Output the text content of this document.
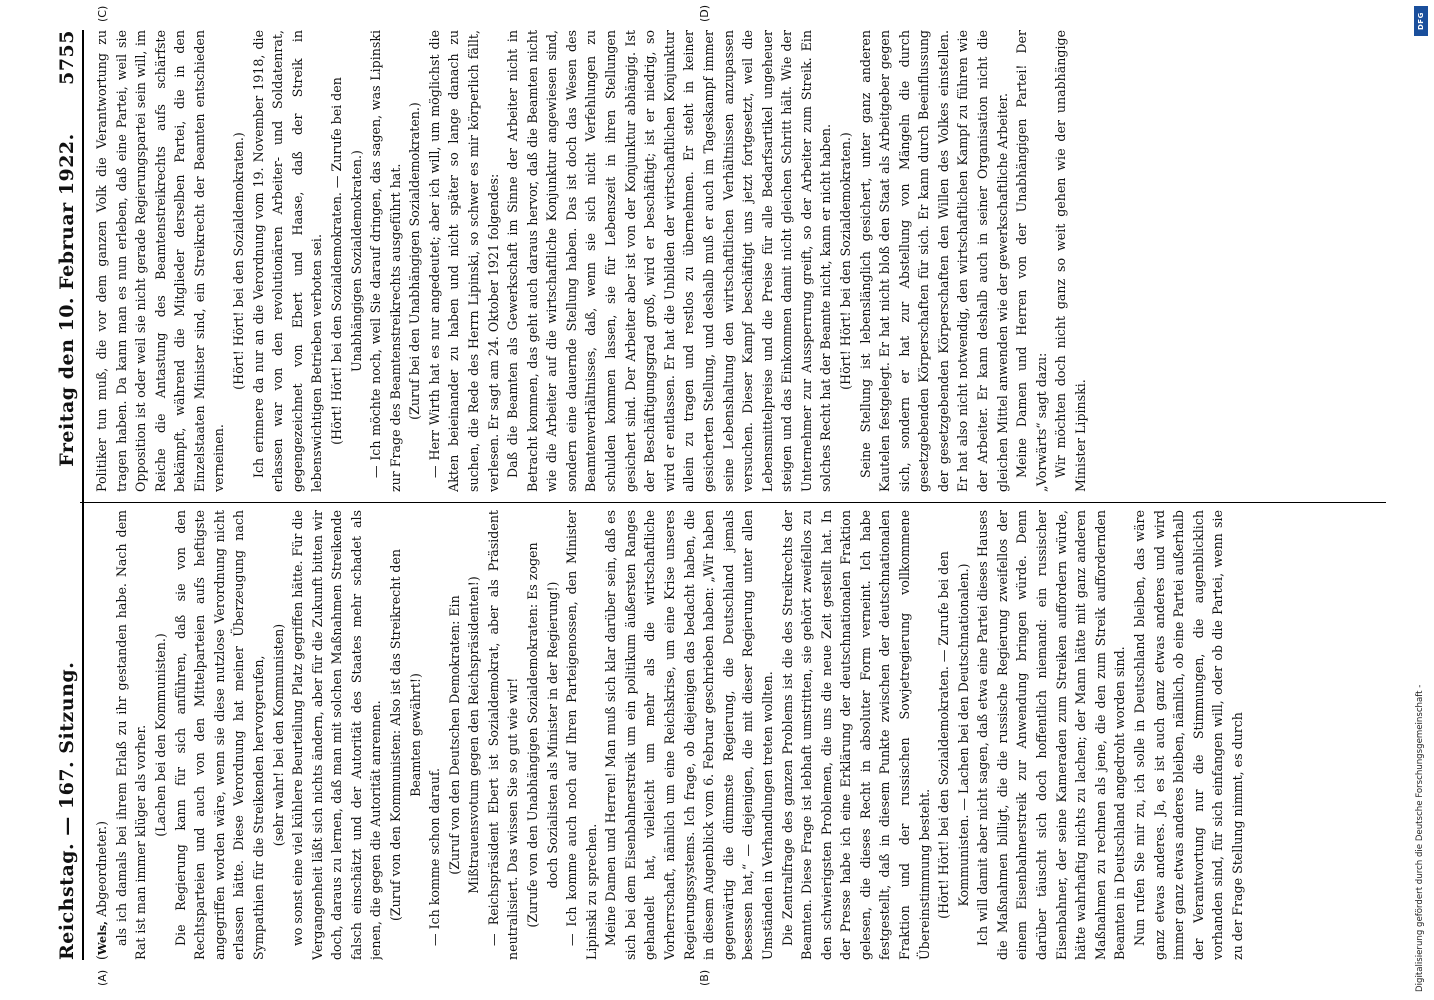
Reichstag. — 167. Sitzung.
Freitag den 10. Februar 1922.
5755
(A)	(B)
(C)	(D)

(Wels, Abgeordneter.) als ich damals bei ihrem Erlaß zu ihr gestanden habe. Nach dem Rat ist man immer klüger als vorher. (Lachen bei den Kommunisten.) Die Regierung kann für sich anführen, daß sie von den Rechtsparteien und auch von den Mittelparteien aufs heftigste angegriffen worden wäre, wenn sie diese nutzlose Verordnung nicht erlassen hätte. Diese Verordnung hat meiner Überzeugung nach Sympathien für die Streikenden hervorgerufen, (sehr wahr! bei den Kommunisten) wo sonst eine viel kühlere Beurteilung Platz gegriffen hätte. Für die Vergangenheit läßt sich nichts ändern, aber für die Zukunft bitten wir doch, daraus zu lernen, daß man mit solchen Maßnahmen Streikende falsch einschätzt und der Autorität des Staates mehr schadet als jenen, die gegen die Autorität anrennen. (Zuruf von den Kommunisten: Also ist das Streikrecht den Beamten gewährt!)

— Ich komme schon darauf. (Zuruf von den Deutschen Demokraten: Ein Mißtrauensvotum gegen den Reichspräsidenten!) — Reichspräsident Ebert ist Sozialdemokrat, aber als Präsident neutralisiert. Das wissen Sie so gut wie wir! (Zurufe von den Unabhängigen Sozialdemokraten: Es zogen doch Sozialisten als Minister in der Regierung!) — Ich komme auch noch auf Ihren Parteigenossen, den Minister Lipinski zu sprechen. Meine Damen und Herren! Man muß sich klar darüber sein, daß es sich bei dem Eisenbahnerstreik um ein politikum äußersten Ranges gehandelt hat, vielleicht um mehr als die wirtschaftliche Vorherrschaft, nämlich um eine Reichskrise, um eine Krise unseres Regierungssystems. Ich frage, ob diejenigen das bedacht haben, die in diesem Augenblick vom 6. Februar geschrieben haben: „Wir haben gegenwärtig die dümmste Regierung, die Deutschland jemals besessen hat,“ — diejenigen, die mit dieser Regierung unter allen Umständen in Verhandlungen treten wollten. Die Zentralfrage des ganzen Problems ist die des Streikrechts der Beamten. Diese Frage ist lebhaft umstritten, sie gehört zweifellos zu den schwierigsten Problemen, die uns die neue Zeit gestellt hat. In der Presse habe ich eine Erklärung der deutschnationalen Fraktion gelesen, die dieses Recht in absoluter Form verneint. Ich habe festgestellt, daß in diesem Punkte zwischen der deutschnationalen Fraktion und der russischen Sowjetregierung vollkommene Übereinstimmung besteht. (Hört! Hört! bei den Sozialdemokraten. — Zurufe bei den Kommunisten. — Lachen bei den Deutschnationalen.) Ich will damit aber nicht sagen, daß etwa eine Partei dieses Hauses die Maßnahmen billigt, die die russische Regierung zweifellos der einem Eisenbahnerstreik zur Anwendung bringen würde. Denn darüber täuscht sich doch hoffentlich niemand: ein russischer Eisenbahner, der seine Kameraden zum Streiken auffordern würde, hätte wahrhaftig nichts zu lachen; der Mann hätte mit ganz anderen Maßnahmen zu rechnen als jene, die den zum Streik auffordernden Beamten in Deutschland angedroht worden sind. Nun rufen Sie mir zu, ich solle in Deutschland bleiben, das wäre ganz etwas anderes. Ja, es ist auch ganz etwas anderes und wird immer ganz etwas anderes bleiben, nämlich, ob eine Partei außerhalb der Verantwortung nur die Stimmungen, die augenblicklich vorhanden sind, für sich einfangen will, oder ob die Partei, wenn sie zu der Frage Stellung nimmt, es durch

Politiker tun muß, die vor dem ganzen Volk die Verantwortung zu tragen haben. Da kann man es nun erleben, daß eine Partei, weil sie Opposition ist oder weil sie nicht gerade Regierungspartei sein will, im Reiche die Antastung des Beamtenstreikrechts aufs schärfste bekämpft, während die Mitglieder derselben Partei, die in den Einzelstaaten Minister sind, ein Streikrecht der Beamten entschieden verneinen.

(Hört! Hört! bei den Sozialdemokraten.) Ich erinnere da nur an die Verordnung vom 19. November 1918, die erlassen war von den revolutionären Arbeiter- und Soldatenrat, gegengezeichnet von Ebert und Haase, daß der Streik in lebenswichtigen Betrieben verboten sei. (Hört! Hört! bei den Sozialdemokraten. — Zurufe bei den Unabhängigen Sozialdemokraten.) — Ich möchte noch, weil Sie darauf dringen, das sagen, was Lipinski zur Frage des Beamtenstreikrechts ausgeführt hat. (Zuruf bei den Unabhängigen Sozialdemokraten.) — Herr Wirth hat es nur angedeutet; aber ich will, um möglichst die Akten beieinander zu haben und nicht später so lange danach zu suchen, die Rede des Herrn Lipinski, so schwer es mir körperlich fällt, verlesen. Er sagt am 24. Oktober 1921 folgendes: Daß die Beamten als Gewerkschaft im Sinne der Arbeiter nicht in Betracht kommen, das geht auch daraus hervor, daß die Beamten nicht wie die Arbeiter auf die wirtschaftliche Konjunktur angewiesen sind, sondern eine dauernde Stellung haben. Das ist doch das Wesen des Beamtenverhältnisses, daß, wenn sie sich nicht Verfehlungen zu schulden kommen lassen, sie für Lebenszeit in ihren Stellungen gesichert sind. Der Arbeiter aber ist von der Konjunktur abhängig. Ist der Beschäftigungsgrad groß, wird er beschäftigt; ist er niedrig, so wird er entlassen. Er hat die Unbilden der wirtschaftlichen Konjunktur allein zu tragen und restlos zu übernehmen. Er steht in keiner gesicherten Stellung, und deshalb muß er auch im Tageskampf immer seine Lebenshaltung den wirtschaftlichen Verhältnissen anzupassen versuchen. Dieser Kampf beschäftigt uns jetzt fortgesetzt, weil die Lebensmittelpreise und die Preise für alle Bedarfsartikel ungeheuer steigen und das Einkommen damit nicht gleichen Schritt hält. Wie der Unternehmer zur Aussperrung greift, so der Arbeiter zum Streik. Ein solches Recht hat der Beamte nicht, kann er nicht haben. (Hört! Hört! bei den Sozialdemokraten.) Seine Stellung ist lebenslänglich gesichert, unter ganz anderen Kautelen festgelegt. Er hat nicht bloß den Staat als Arbeitgeber gegen sich, sondern er hat zur Abstellung von Mängeln die durch gesetzgebenden Körperschaften für sich. Er kann durch Beeinflussung der gesetzgebenden Körperschaften den Willen des Volkes einstellen. Er hat also nicht notwendig, den wirtschaftlichen Kampf zu führen wie der Arbeiter. Er kann deshalb auch in seiner Organisation nicht die gleichen Mittel anwenden wie der gewerkschaftliche Arbeiter. Meine Damen und Herren von der Unabhängigen Partei! Der „Vorwärts“ sagt dazu: Wir möchten doch nicht ganz so weit gehen wie der unabhängige Minister Lipinski.

Digitalisierung gefördert durch die Deutsche Forschungsgemeinschaft -
DFG
